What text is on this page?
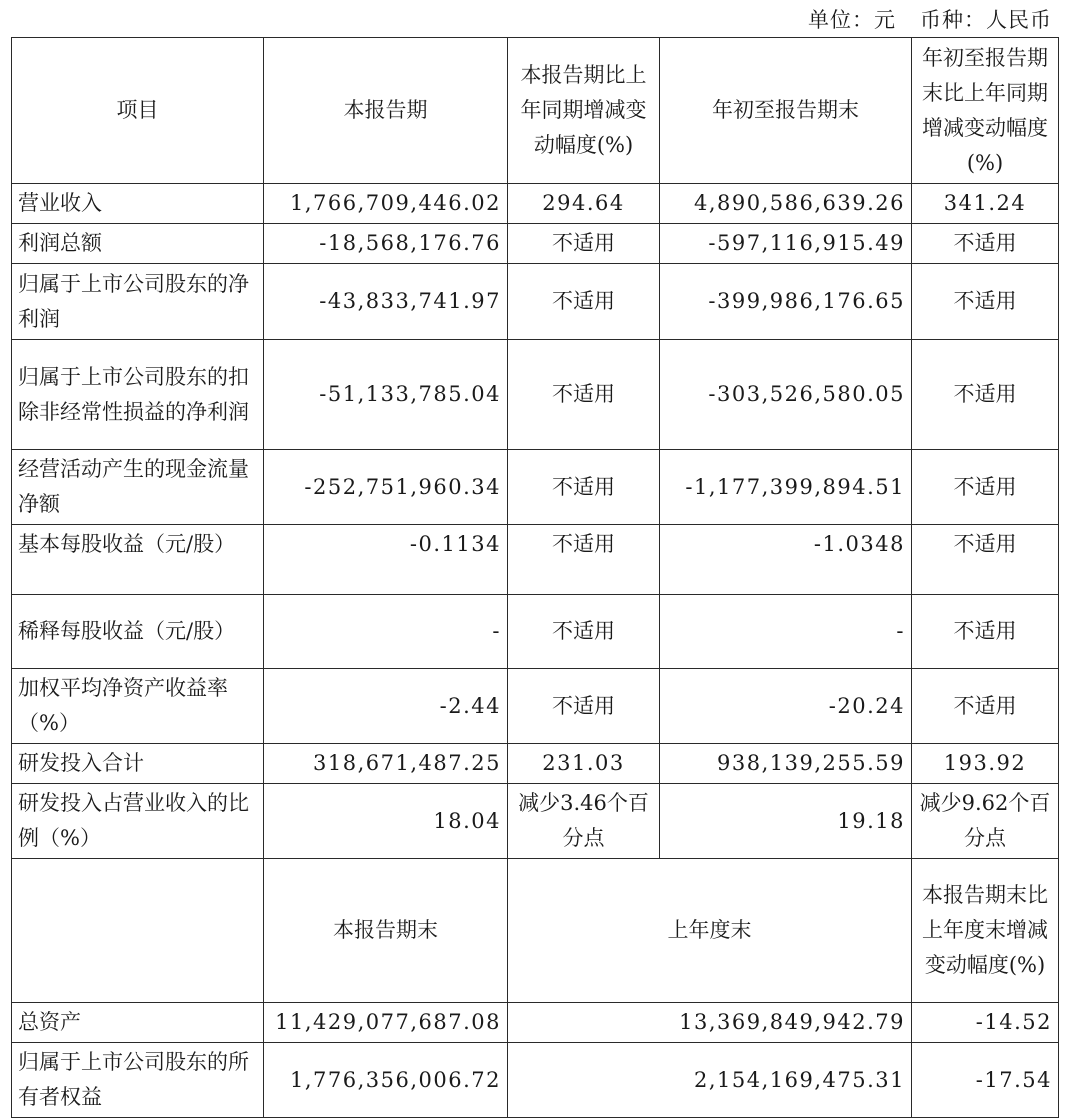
单位：元 币种：人民币
项目	本报告期	本报告期比上年同期增减变动幅度(%)	年初至报告期末	年初至报告期末比上年同期增减变动幅度(%)
营业收入	1,766,709,446.02	294.64	4,890,586,639.26	341.24
利润总额	-18,568,176.76	不适用	-597,116,915.49	不适用
归属于上市公司股东的净利润	-43,833,741.97	不适用	-399,986,176.65	不适用
归属于上市公司股东的扣除非经常性损益的净利润	-51,133,785.04	不适用	-303,526,580.05	不适用
经营活动产生的现金流量净额	-252,751,960.34	不适用	-1,177,399,894.51	不适用
基本每股收益（元/股）	-0.1134	不适用	-1.0348	不适用
稀释每股收益（元/股）	-	不适用	-	不适用
加权平均净资产收益率（%）	-2.44	不适用	-20.24	不适用
研发投入合计	318,671,487.25	231.03	938,139,255.59	193.92
研发投入占营业收入的比例（%）	18.04	减少3.46个百分点	19.18	减少9.62个百分点
	本报告期末	上年度末		本报告期末比上年度末增减变动幅度(%)
总资产	11,429,077,687.08	13,369,849,942.79		-14.52
归属于上市公司股东的所有者权益	1,776,356,006.72	2,154,169,475.31		-17.54
